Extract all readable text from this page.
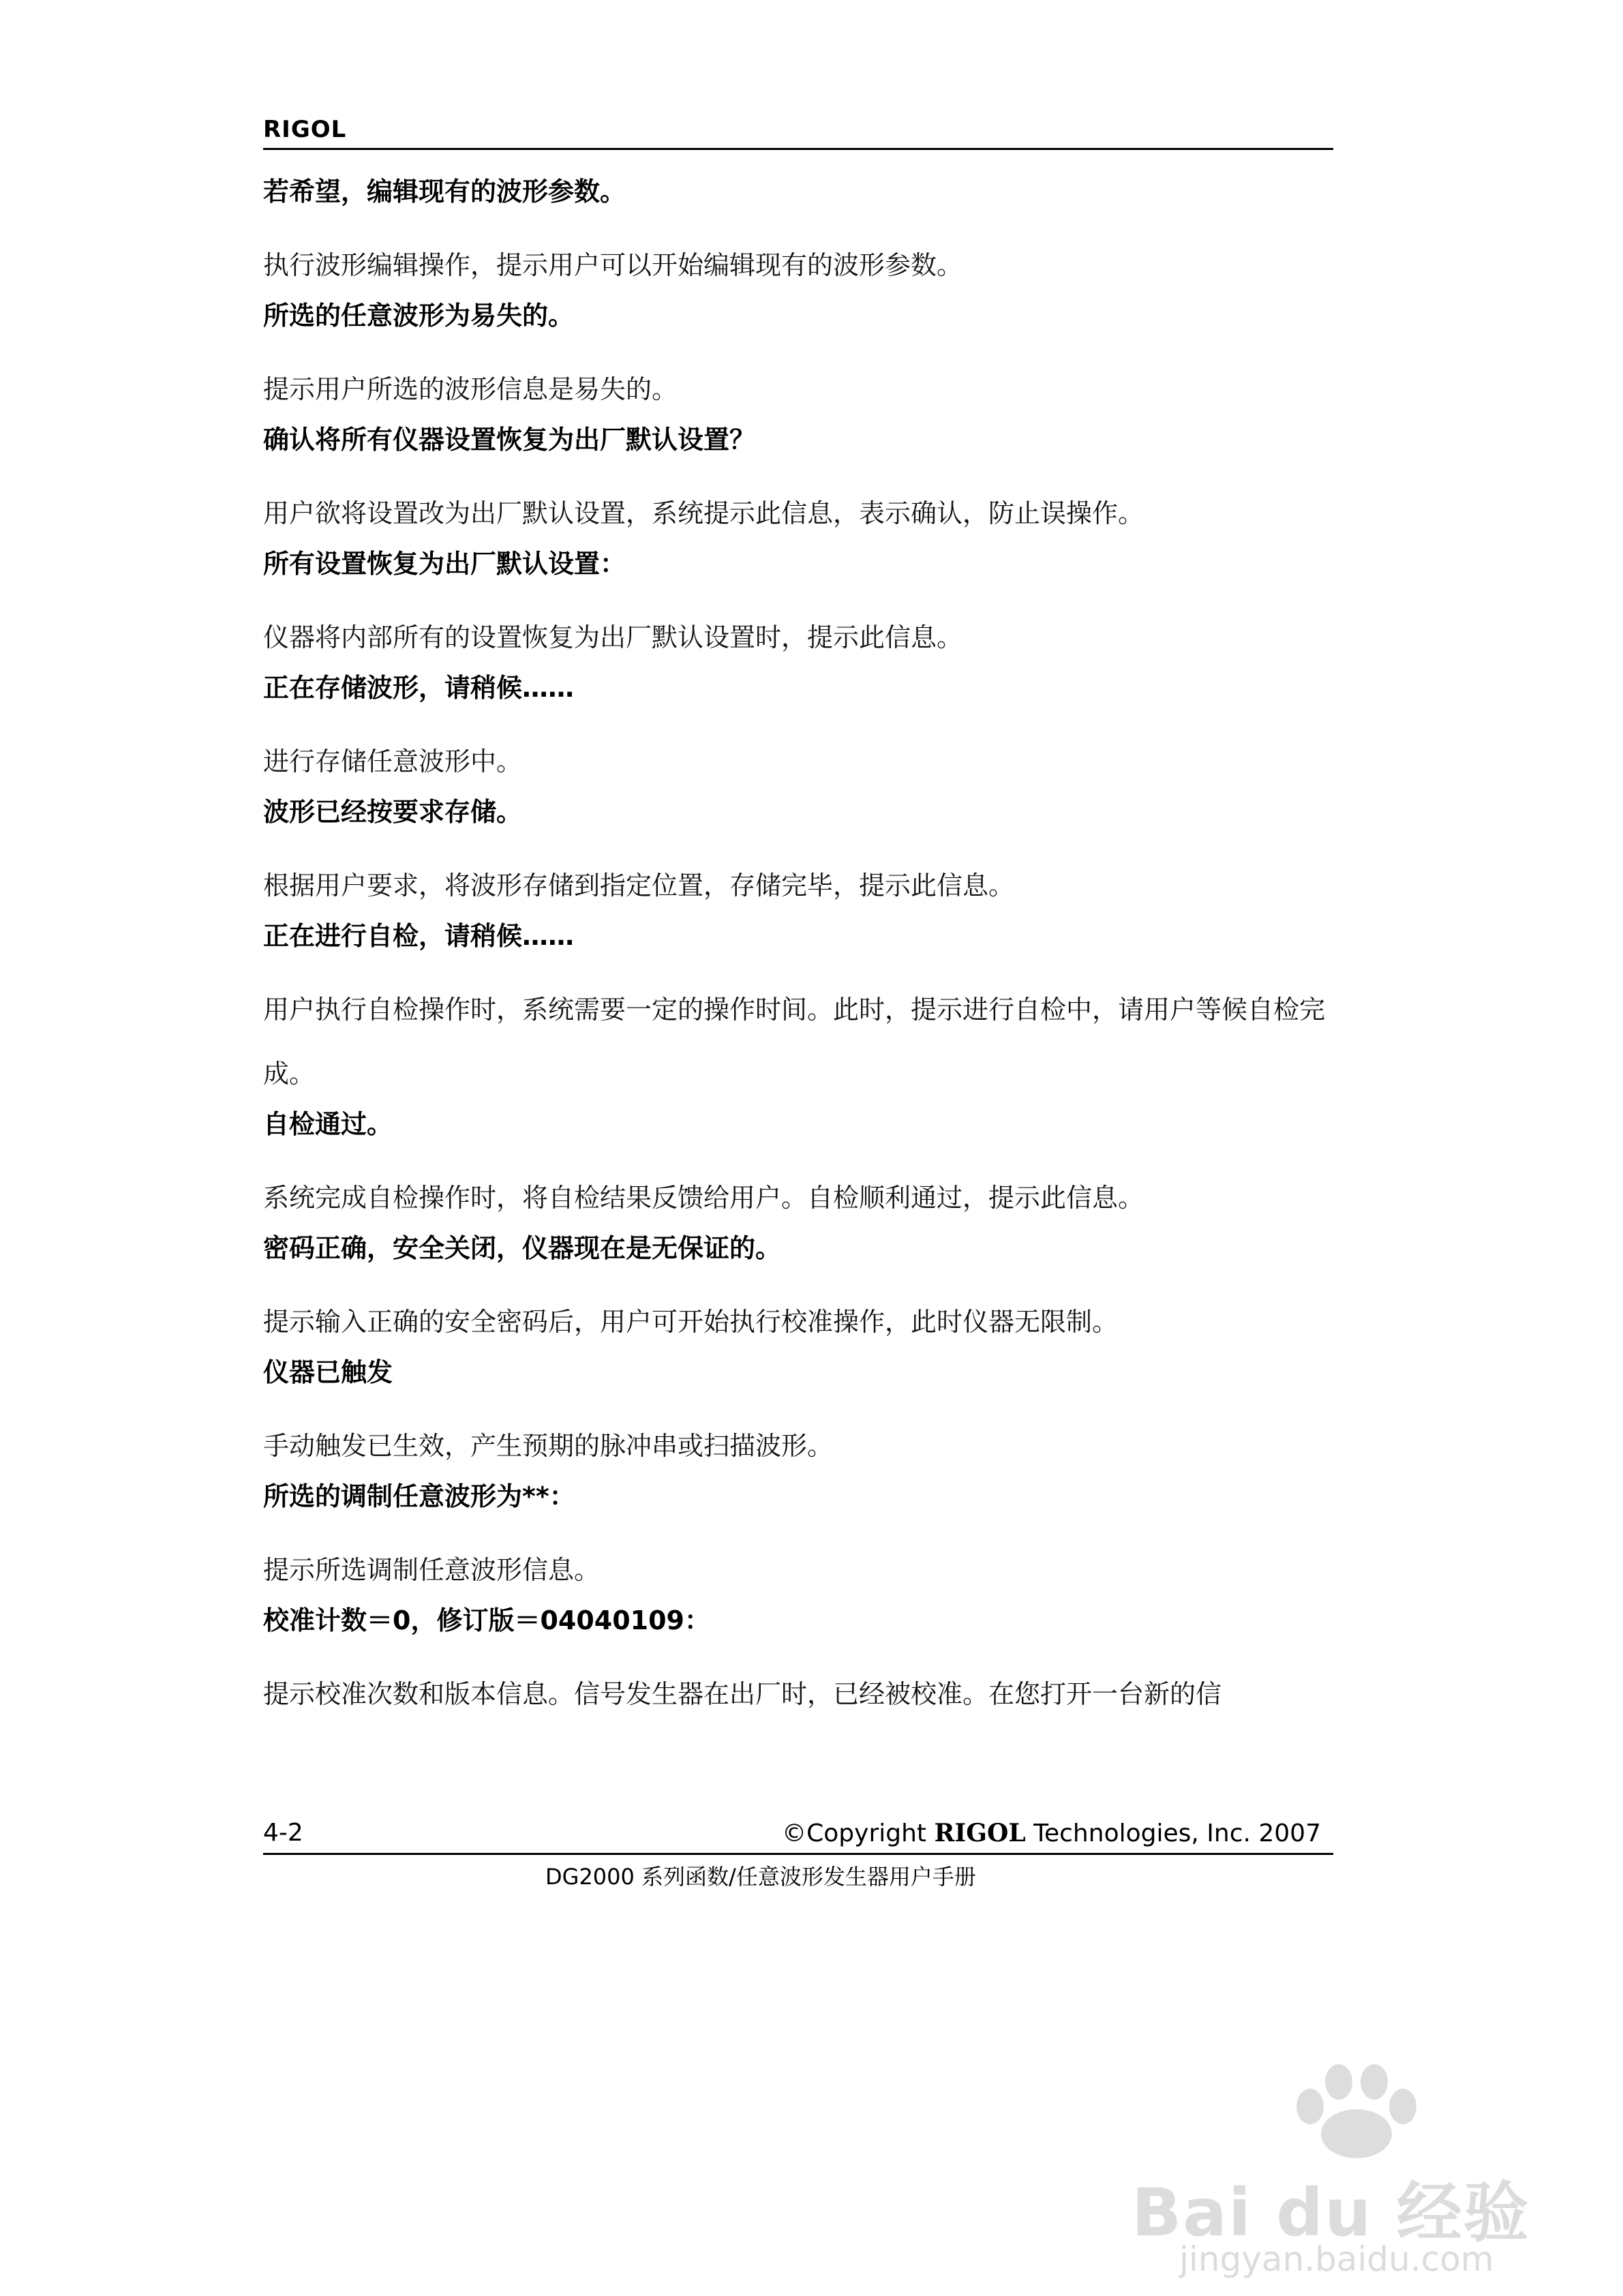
RIGOL
若希望，编辑现有的波形参数。
执行波形编辑操作，提示用户可以开始编辑现有的波形参数。
所选的任意波形为易失的。
提示用户所选的波形信息是易失的。
确认将所有仪器设置恢复为出厂默认设置？
用户欲将设置改为出厂默认设置，系统提示此信息，表示确认，防止误操作。
所有设置恢复为出厂默认设置：
仪器将内部所有的设置恢复为出厂默认设置时，提示此信息。
正在存储波形，请稍候……
进行存储任意波形中。
波形已经按要求存储。
根据用户要求，将波形存储到指定位置，存储完毕，提示此信息。
正在进行自检，请稍候……
用户执行自检操作时，系统需要一定的操作时间。此时，提示进行自检中，请用户等候自检完成。
自检通过。
系统完成自检操作时，将自检结果反馈给用户。自检顺利通过，提示此信息。
密码正确，安全关闭，仪器现在是无保证的。
提示输入正确的安全密码后，用户可开始执行校准操作，此时仪器无限制。
仪器已触发
手动触发已生效，产生预期的脉冲串或扫描波形。
所选的调制任意波形为**：
提示所选调制任意波形信息。
校准计数＝0，修订版＝04040109：
提示校准次数和版本信息。信号发生器在出厂时，已经被校准。在您打开一台新的信
4-2	©Copyright RIGOL Technologies, Inc. 2007
DG2000 系列函数/任意波形发生器用户手册
Bai du 经验
jingyan.baidu.com
